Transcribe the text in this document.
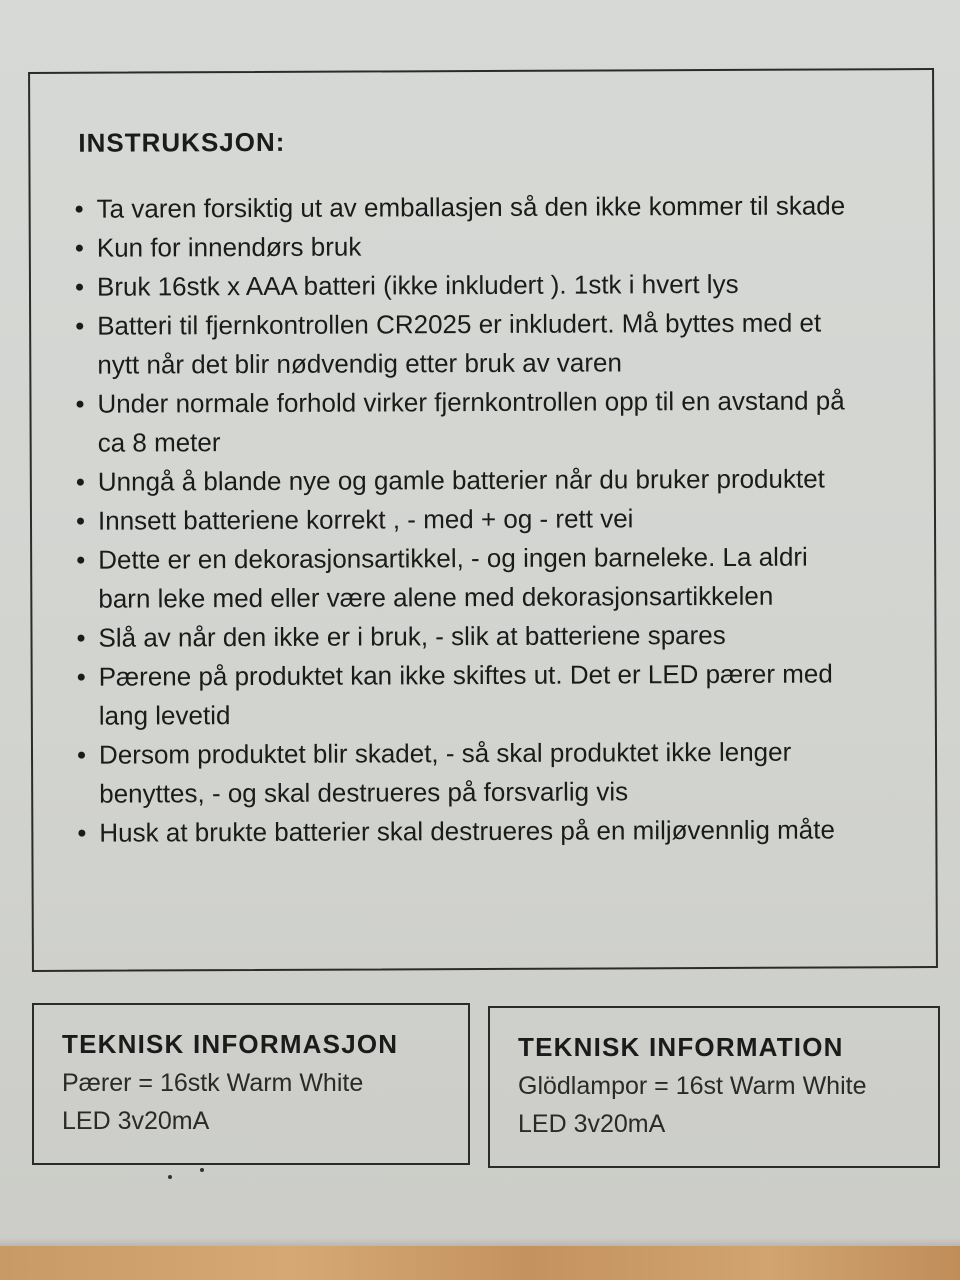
INSTRUKSJON:
• Ta varen forsiktig ut av emballasjen så den ikke kommer til skade
• Kun for innendørs bruk
• Bruk 16stk x AAA batteri (ikke inkludert ). 1stk i hvert lys
• Batteri til fjernkontrollen CR2025 er inkludert. Må byttes med et nytt når det blir nødvendig etter bruk av varen
• Under normale forhold virker fjernkontrollen opp til en avstand på ca 8 meter
• Unngå å blande nye og gamle batterier når du bruker produktet
• Innsett batteriene korrekt , - med + og - rett vei
• Dette er en dekorasjonsartikkel, - og ingen barneleke. La aldri barn leke med eller være alene med dekorasjonsartikkelen
• Slå av når den ikke er i bruk, - slik at batteriene spares
• Pærene på produktet kan ikke skiftes ut. Det er LED pærer med lang levetid
• Dersom produktet blir skadet, - så skal produktet ikke lenger benyttes, - og skal destrueres på forsvarlig vis
• Husk at brukte batterier skal destrueres på en miljøvennlig måte
TEKNISK INFORMASJON
Pærer = 16stk Warm White
LED 3v20mA
TEKNISK INFORMATION
Glödlampor = 16st Warm White
LED 3v20mA
